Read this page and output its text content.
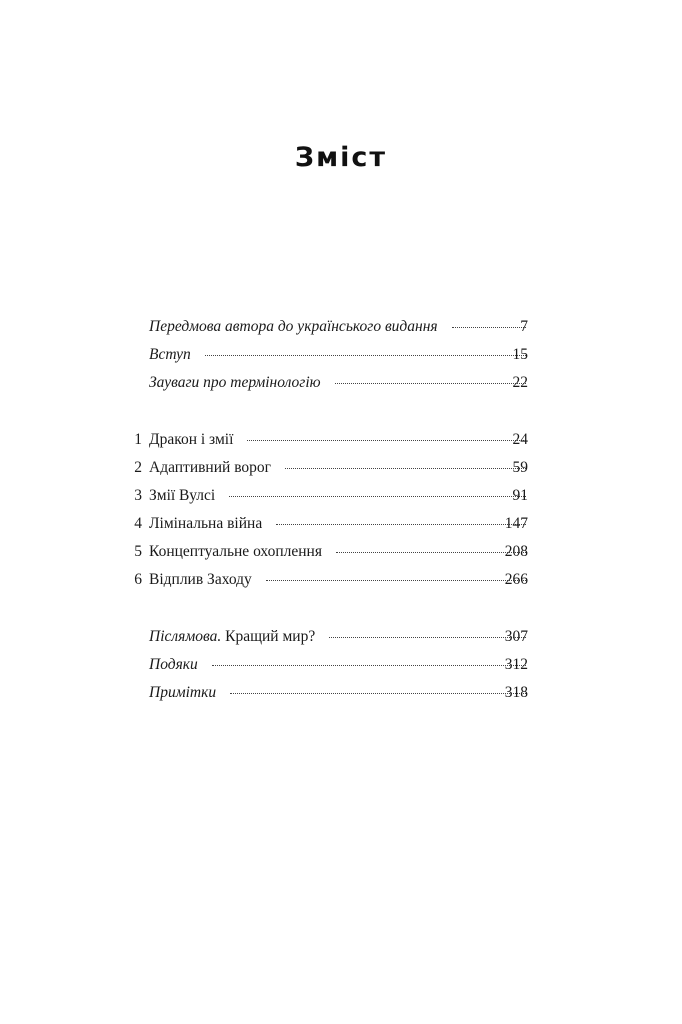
Зміст
Передмова автора до українського видання	7
Вступ	15
Зауваги про термінологію	22
1 Дракон і змії	24
2 Адаптивний ворог	59
3 Змії Вулсі	91
4 Лімінальна війна	147
5 Концептуальне охоплення	208
6 Відплив Заходу	266
Післямова. Кращий мир?	307
Подяки	312
Примітки	318
